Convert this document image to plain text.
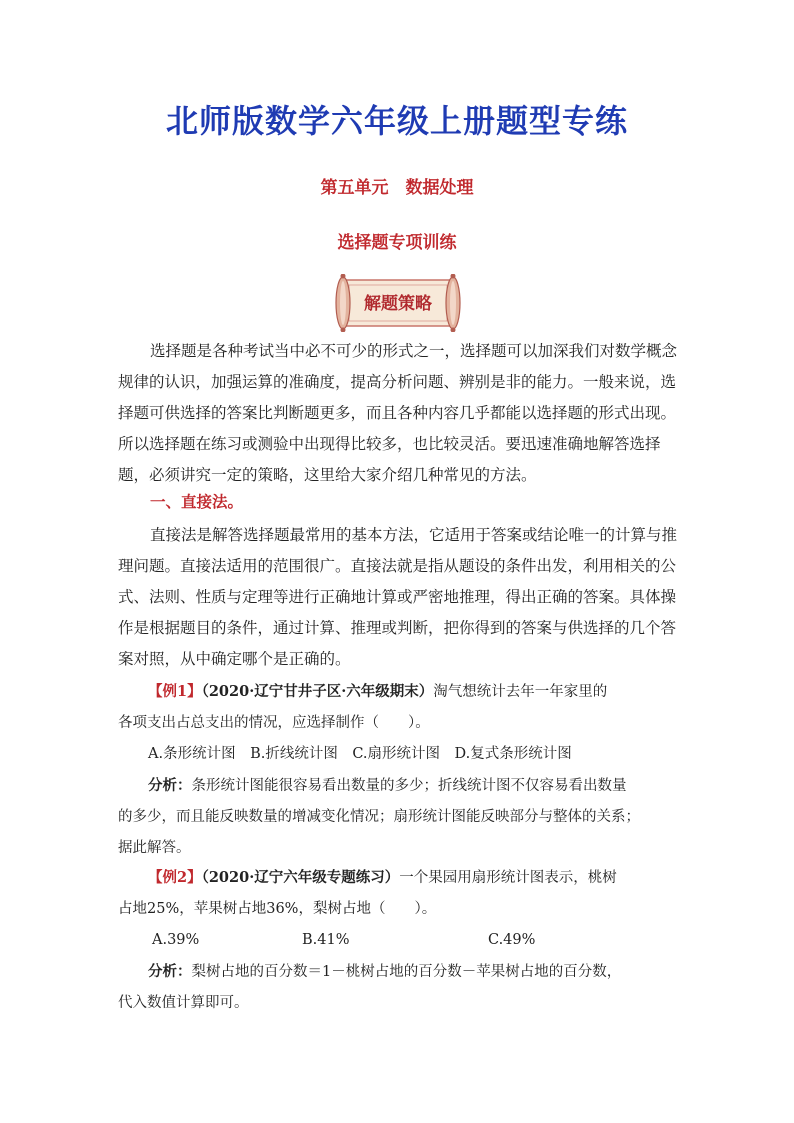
北师版数学六年级上册题型专练
第五单元　数据处理
选择题专项训练
解题策略
选择题是各种考试当中必不可少的形式之一，选择题可以加深我们对数学概念规律的认识，加强运算的准确度，提高分析问题、辨别是非的能力。一般来说，选择题可供选择的答案比判断题更多，而且各种内容几乎都能以选择题的形式出现。所以选择题在练习或测验中出现得比较多，也比较灵活。要迅速准确地解答选择题，必须讲究一定的策略，这里给大家介绍几种常见的方法。
一、直接法。
直接法是解答选择题最常用的基本方法，它适用于答案或结论唯一的计算与推理问题。直接法适用的范围很广。直接法就是指从题设的条件出发，利用相关的公式、法则、性质与定理等进行正确地计算或严密地推理，得出正确的答案。具体操作是根据题目的条件，通过计算、推理或判断，把你得到的答案与供选择的几个答案对照，从中确定哪个是正确的。
【例1】（2020·辽宁甘井子区·六年级期末）淘气想统计去年一年家里的
各项支出占总支出的情况，应选择制作（　　）。
A.条形统计图　B.折线统计图　C.扇形统计图　D.复式条形统计图
分析：条形统计图能很容易看出数量的多少；折线统计图不仅容易看出数量
的多少，而且能反映数量的增减变化情况；扇形统计图能反映部分与整体的关系；
据此解答。
【例2】（2020·辽宁六年级专题练习）一个果园用扇形统计图表示，桃树
占地25%，苹果树占地36%，梨树占地（　　）。
A.39%	B.41%	C.49%
分析：梨树占地的百分数＝1－桃树占地的百分数－苹果树占地的百分数，
代入数值计算即可。
